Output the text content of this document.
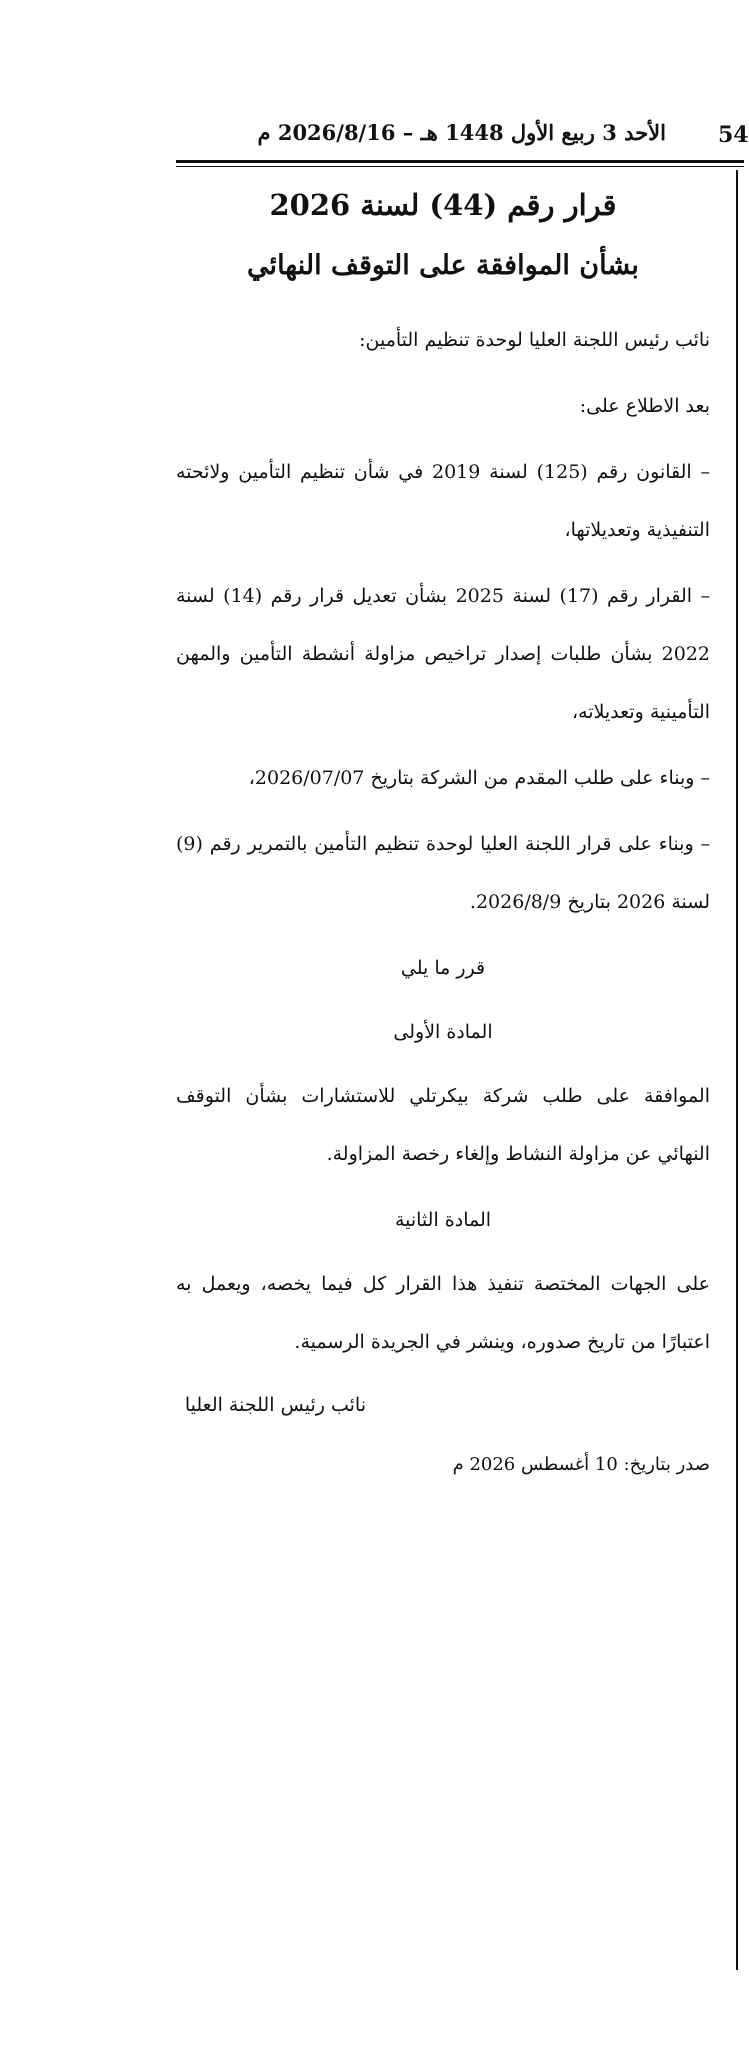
54
الأحد 3 ربيع الأول 1448 هـ – 2026/8/16 م
قرار رقم (44) لسنة 2026
بشأن الموافقة على التوقف النهائي

نائب رئيس اللجنة العليا لوحدة تنظيم التأمين:

بعد الاطلاع على:

– القانون رقم (125) لسنة 2019 في شأن تنظيم التأمين ولائحته التنفيذية وتعديلاتها،

– القرار رقم (17) لسنة 2025 بشأن تعديل قرار رقم (14) لسنة 2022 بشأن طلبات إصدار تراخيص مزاولة أنشطة التأمين والمهن التأمينية وتعديلاته،

– وبناء على طلب المقدم من الشركة بتاريخ 2026/07/07،

– وبناء على قرار اللجنة العليا لوحدة تنظيم التأمين بالتمرير رقم (9) لسنة 2026 بتاريخ 2026/8/9.

قرر ما يلي
المادة الأولى

الموافقة على طلب شركة بيكرتلي للاستشارات بشأن التوقف النهائي عن مزاولة النشاط وإلغاء رخصة المزاولة.

المادة الثانية

على الجهات المختصة تنفيذ هذا القرار كل فيما يخصه، ويعمل به اعتبارًا من تاريخ صدوره، وينشر في الجريدة الرسمية.

نائب رئيس اللجنة العليا
صدر بتاريخ: 10 أغسطس 2026 م
